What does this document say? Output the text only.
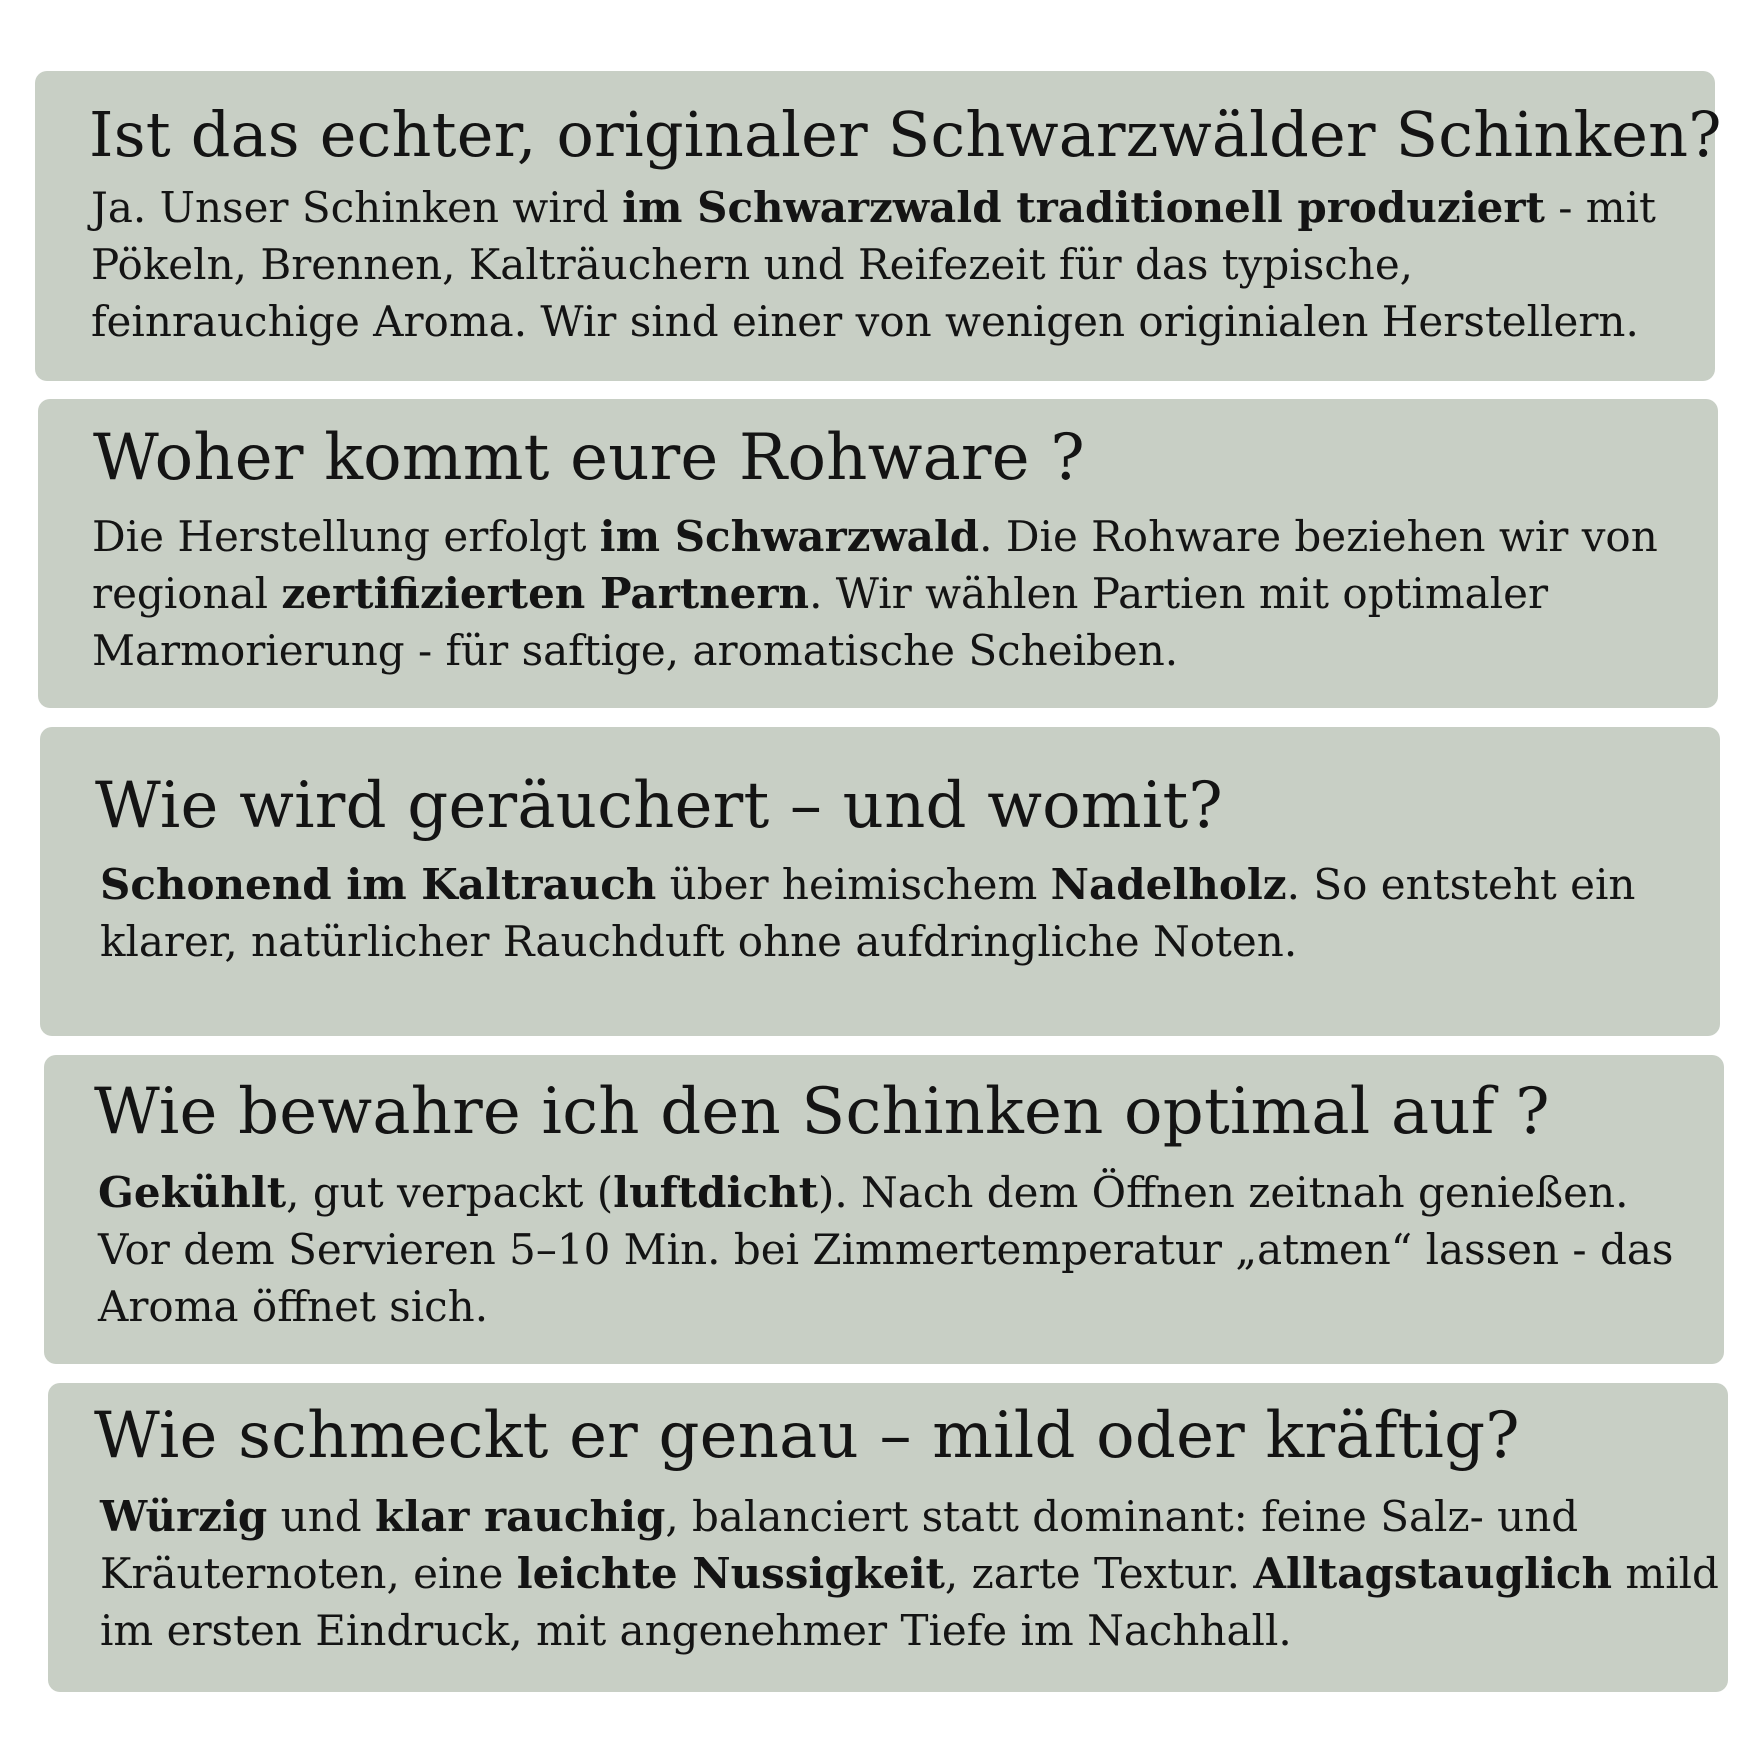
Ist das echter, originaler Schwarzwälder Schinken?

Ja. Unser Schinken wird im Schwarzwald traditionell produziert - mit
Pökeln, Brennen, Kalträuchern und Reifezeit für das typische,
feinrauchige Aroma. Wir sind einer von wenigen originialen Herstellern.

Woher kommt eure Rohware ?

Die Herstellung erfolgt im Schwarzwald. Die Rohware beziehen wir von
regional zertifizierten Partnern. Wir wählen Partien mit optimaler
Marmorierung - für saftige, aromatische Scheiben.

Wie wird geräuchert – und womit?

Schonend im Kaltrauch über heimischem Nadelholz. So entsteht ein
klarer, natürlicher Rauchduft ohne aufdringliche Noten.

Wie bewahre ich den Schinken optimal auf ?

Gekühlt, gut verpackt (luftdicht). Nach dem Öffnen zeitnah genießen.
Vor dem Servieren 5–10 Min. bei Zimmertemperatur „atmen“ lassen - das
Aroma öffnet sich.

Wie schmeckt er genau – mild oder kräftig?

Würzig und klar rauchig, balanciert statt dominant: feine Salz- und
Kräuternoten, eine leichte Nussigkeit, zarte Textur. Alltagstauglich mild
im ersten Eindruck, mit angenehmer Tiefe im Nachhall.
